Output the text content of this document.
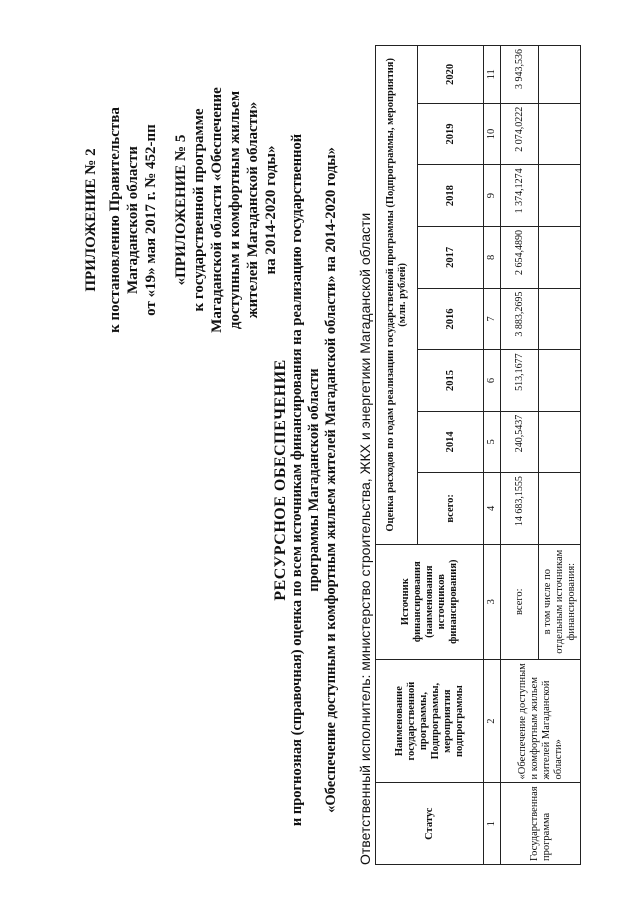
ПРИЛОЖЕНИЕ № 2 к постановлению Правительства Магаданской области от «19» мая 2017 г. № 452-пп «ПРИЛОЖЕНИЕ № 5 к государственной программе Магаданской области «Обеспечение доступным и комфортным жильем жителей Магаданской области» на 2014-2020 годы»
РЕСУРСНОЕ ОБЕСПЕЧЕНИЕ и прогнозная (справочная) оценка по всем источникам финансирования на реализацию государственной программы Магаданской области «Обеспечение доступным и комфортным жильем жителей Магаданской области» на 2014-2020 годы» Ответственный исполнитель: министерство строительства, ЖКХ и энергетики Магаданской области	Статус	Наименование государственной программы, Подпрограммы, мероприятия подпрограммы	Источник финансирования (наименования источников финансирования)	Оценка расходов по годам реализации государственной программы (Подпрограммы, мероприятия) (млн. рублей)							
			всего:	2014	2015	2016	2017	2018	2019	2020
1	2	3	4	5	6	7	8	9	10	11
Государственная программа	«Обеспечение доступным и комфортным жильем жителей Магаданской области»	всего:	14 683,1555	240,5437	513,1677	3 883,2695	2 654,4890	1 374,1274	2 074,0222	3 943,536
		в том числе по отдельным источникам финансирования:								
